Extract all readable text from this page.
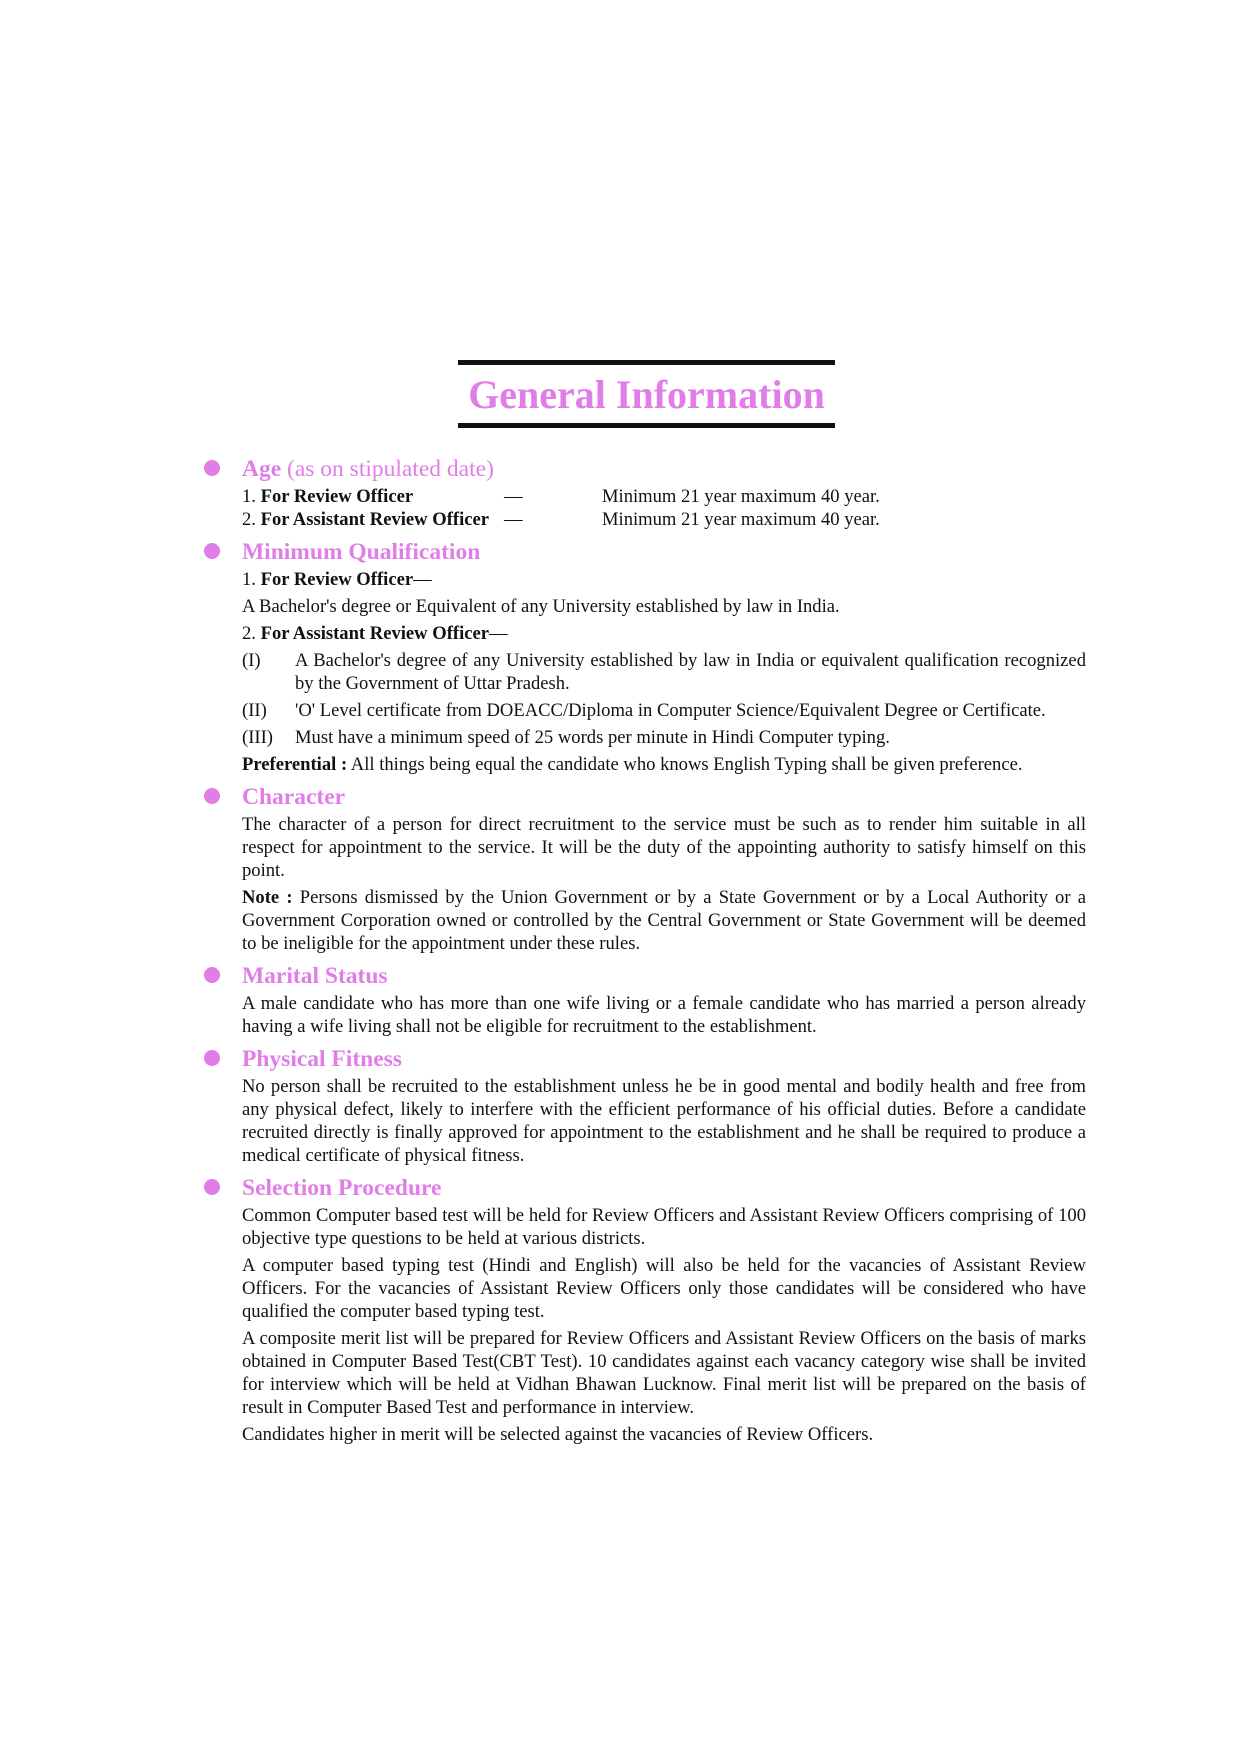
General Information
Age (as on stipulated date)
1. For Review Officer	—	Minimum 21 year maximum 40 year.
2. For Assistant Review Officer —	Minimum 21 year maximum 40 year.
Minimum Qualification
1. For Review Officer—
A Bachelor's degree or Equivalent of any University established by law in India.
2. For Assistant Review Officer—
(I)	A Bachelor's degree of any University established by law in India or equivalent qualification recognized by the Government of Uttar Pradesh.
(II)	'O' Level certificate from DOEACC/Diploma in Computer Science/Equivalent Degree or Certificate.
(III)	Must have a minimum speed of 25 words per minute in Hindi Computer typing.
Preferential : All things being equal the candidate who knows English Typing shall be given preference.
Character
The character of a person for direct recruitment to the service must be such as to render him suitable in all respect for appointment to the service. It will be the duty of the appointing authority to satisfy himself on this point.
Note : Persons dismissed by the Union Government or by a State Government or by a Local Authority or a Government Corporation owned or controlled by the Central Government or State Government will be deemed to be ineligible for the appointment under these rules.
Marital Status
A male candidate who has more than one wife living or a female candidate who has married a person already having a wife living shall not be eligible for recruitment to the establishment.
Physical Fitness
No person shall be recruited to the establishment unless he be in good mental and bodily health and free from any physical defect, likely to interfere with the efficient performance of his official duties. Before a candidate recruited directly is finally approved for appointment to the establishment and he shall be required to produce a medical certificate of physical fitness.
Selection Procedure
Common Computer based test will be held for Review Officers and Assistant Review Officers comprising of 100 objective type questions to be held at various districts.
A computer based typing test (Hindi and English) will also be held for the vacancies of Assistant Review Officers. For the vacancies of Assistant Review Officers only those candidates will be considered who have qualified the computer based typing test.
A composite merit list will be prepared for Review Officers and Assistant Review Officers on the basis of marks obtained in Computer Based Test(CBT Test). 10 candidates against each vacancy category wise shall be invited for interview which will be held at Vidhan Bhawan Lucknow. Final merit list will be prepared on the basis of result in Computer Based Test and performance in interview.
Candidates higher in merit will be selected against the vacancies of Review Officers.
